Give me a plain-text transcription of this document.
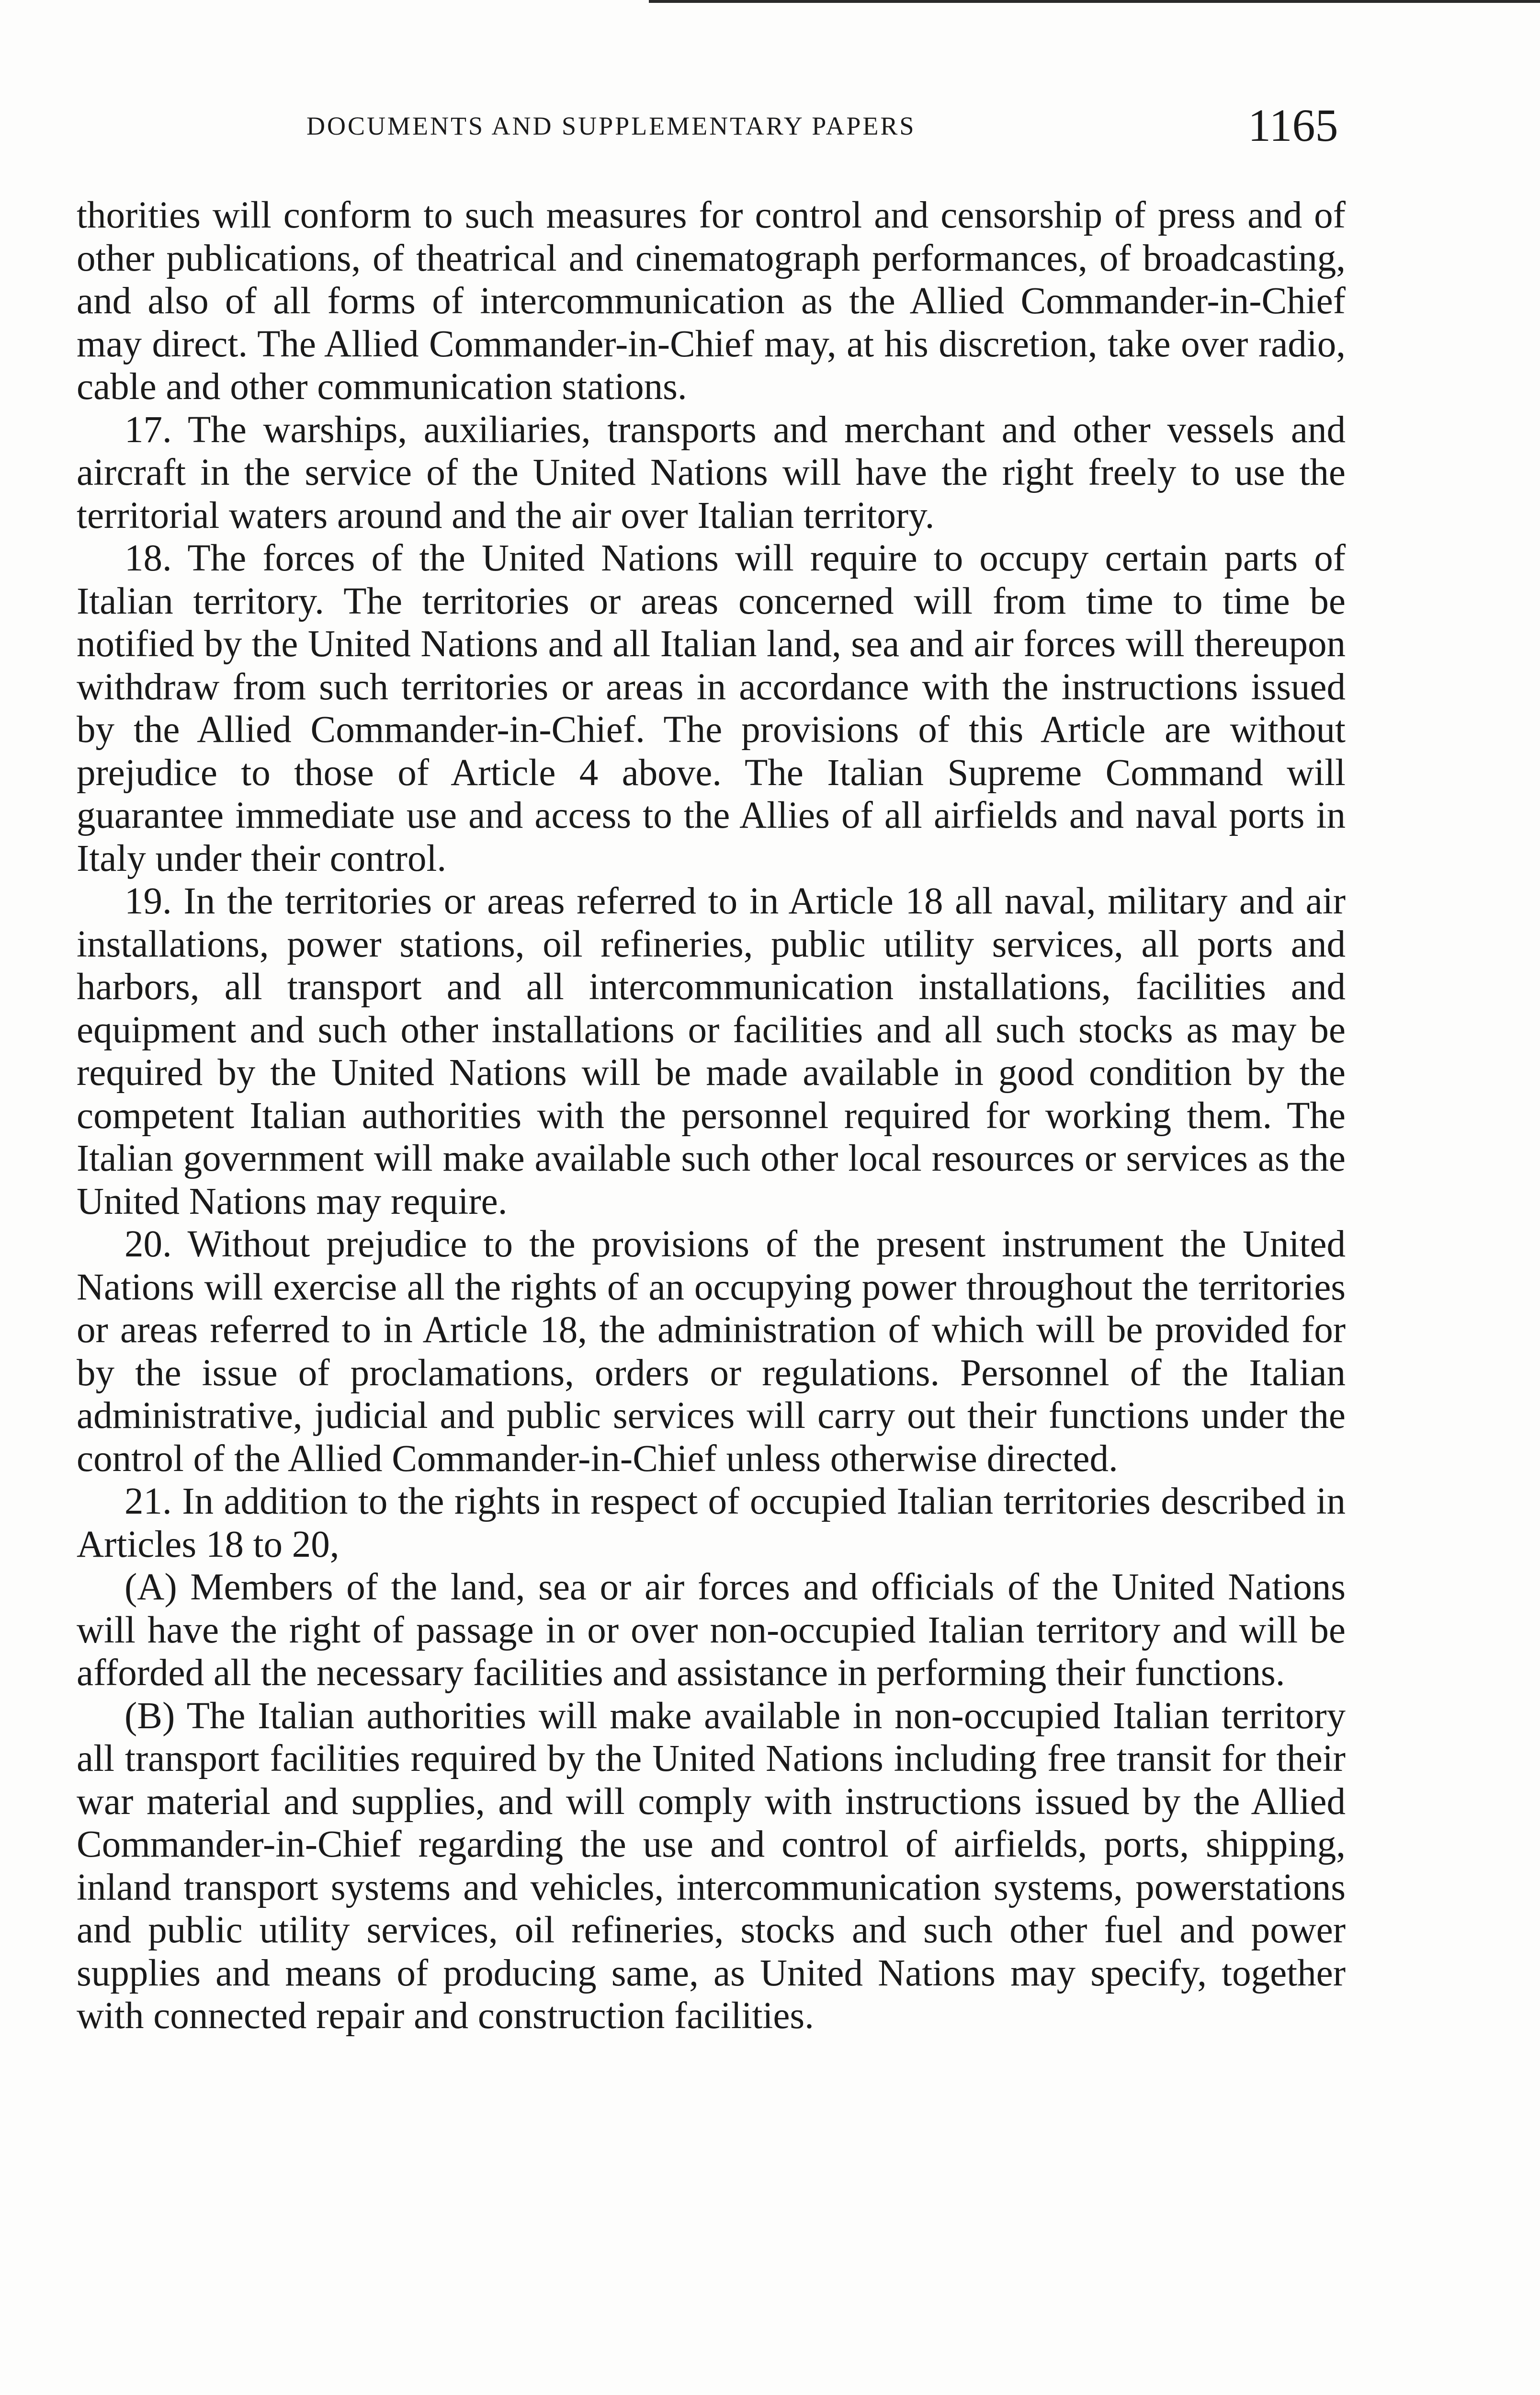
DOCUMENTS AND SUPPLEMENTARY PAPERS	1165

thorities will conform to such measures for control and censorship of press and of other publications, of theatrical and cinematograph performances, of broadcasting, and also of all forms of intercommunication as the Allied Commander-in-Chief may direct. The Allied Commander-in-Chief may, at his discretion, take over radio, cable and other communication stations.

17. The warships, auxiliaries, transports and merchant and other vessels and aircraft in the service of the United Nations will have the right freely to use the territorial waters around and the air over Italian territory.

18. The forces of the United Nations will require to occupy certain parts of Italian territory. The territories or areas concerned will from time to time be notified by the United Nations and all Italian land, sea and air forces will thereupon withdraw from such territories or areas in accordance with the instructions issued by the Allied Commander-in-Chief. The provisions of this Article are without prejudice to those of Article 4 above. The Italian Supreme Command will guarantee immediate use and access to the Allies of all airfields and naval ports in Italy under their control.

19. In the territories or areas referred to in Article 18 all naval, military and air installations, power stations, oil refineries, public utility services, all ports and harbors, all transport and all intercommunication installations, facilities and equipment and such other installations or facilities and all such stocks as may be required by the United Nations will be made available in good condition by the competent Italian authorities with the personnel required for working them. The Italian government will make available such other local resources or services as the United Nations may require.

20. Without prejudice to the provisions of the present instrument the United Nations will exercise all the rights of an occupying power throughout the territories or areas referred to in Article 18, the administration of which will be provided for by the issue of proclamations, orders or regulations. Personnel of the Italian administrative, judicial and public services will carry out their functions under the control of the Allied Commander-in-Chief unless otherwise directed.

21. In addition to the rights in respect of occupied Italian territories described in Articles 18 to 20,

(A) Members of the land, sea or air forces and officials of the United Nations will have the right of passage in or over non-occupied Italian territory and will be afforded all the necessary facilities and assistance in performing their functions.

(B) The Italian authorities will make available in non-occupied Italian territory all transport facilities required by the United Nations including free transit for their war material and supplies, and will comply with instructions issued by the Allied Commander-in-Chief regarding the use and control of airfields, ports, shipping, inland transport systems and vehicles, intercommunication systems, powerstations and public utility services, oil refineries, stocks and such other fuel and power supplies and means of producing same, as United Nations may specify, together with connected repair and construction facilities.
